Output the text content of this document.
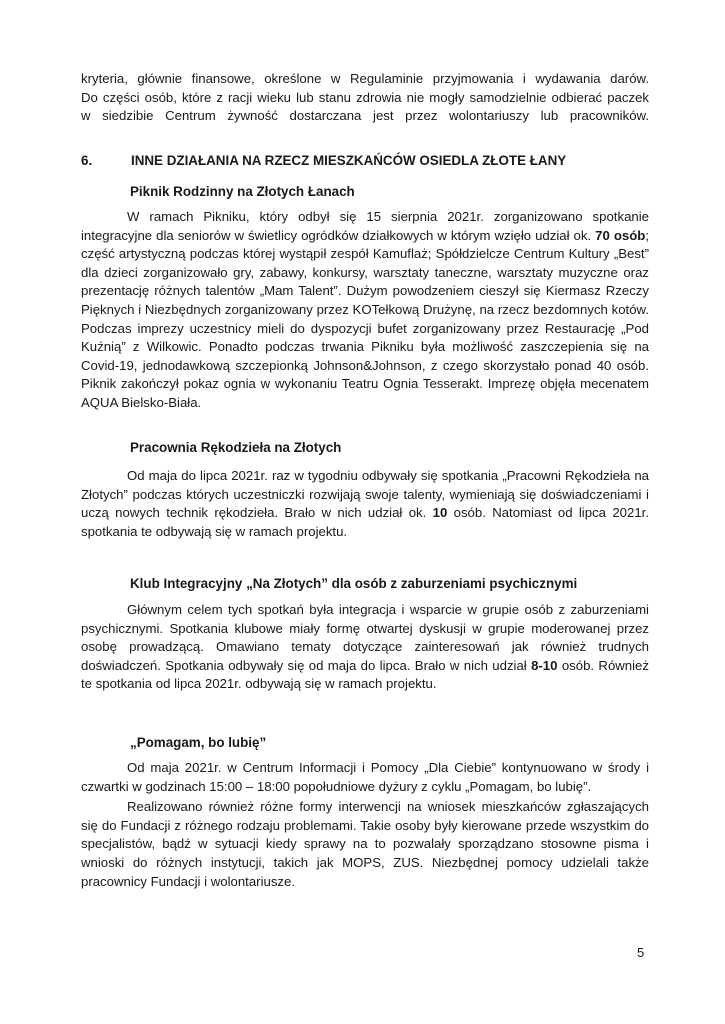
kryteria, głównie finansowe, określone w Regulaminie przyjmowania i wydawania darów.

Do części osób, które z racji wieku lub stanu zdrowia nie mogły samodzielnie odbierać paczek

w siedzibie Centrum żywność dostarczana jest przez wolontariuszy lub pracowników.

6.	INNE DZIAŁANIA NA RZECZ MIESZKAŃCÓW OSIEDLA ZŁOTE ŁANY
Piknik Rodzinny na Złotych Łanach

W ramach Pikniku, który odbył się 15 sierpnia 2021r. zorganizowano spotkanie integracyjne dla seniorów w świetlicy ogródków działkowych w którym wzięło udział ok. 70 osób; część artystyczną podczas której wystąpił zespół Kamuflaż; Spółdzielcze Centrum Kultury „Best” dla dzieci zorganizowało gry, zabawy, konkursy, warsztaty taneczne, warsztaty muzyczne oraz prezentację różnych talentów „Mam Talent”. Dużym powodzeniem cieszył się Kiermasz Rzeczy Pięknych i Niezbędnych zorganizowany przez KOTełkową Drużynę, na rzecz bezdomnych kotów. Podczas imprezy uczestnicy mieli do dyspozycji bufet zorganizowany przez Restaurację „Pod Kuźnią” z Wilkowic. Ponadto podczas trwania Pikniku była możliwość zaszczepienia się na Covid-19, jednodawkową szczepionką Johnson&Johnson, z czego skorzystało ponad 40 osób. Piknik zakończył pokaz ognia w wykonaniu Teatru Ognia Tesserakt. Imprezę objęła mecenatem AQUA Bielsko-Biała.

Pracownia Rękodzieła na Złotych

Od maja do lipca 2021r. raz w tygodniu odbywały się spotkania „Pracowni Rękodzieła na Złotych” podczas których uczestniczki rozwijają swoje talenty, wymieniają się doświadczeniami i uczą nowych technik rękodzieła. Brało w nich udział ok. 10 osób. Natomiast od lipca 2021r. spotkania te odbywają się w ramach projektu.

Klub Integracyjny „Na Złotych” dla osób z zaburzeniami psychicznymi

Głównym celem tych spotkań była integracja i wsparcie w grupie osób z zaburzeniami psychicznymi. Spotkania klubowe miały formę otwartej dyskusji w grupie moderowanej przez osobę prowadzącą. Omawiano tematy dotyczące zainteresowań jak również trudnych doświadczeń. Spotkania odbywały się od maja do lipca. Brało w nich udział 8-10 osób. Również te spotkania od lipca 2021r. odbywają się w ramach projektu.

„Pomagam, bo lubię”

Od maja 2021r. w Centrum Informacji i Pomocy „Dla Ciebie” kontynuowano w środy i czwartki w godzinach 15:00 – 18:00 popołudniowe dyżury z cyklu „Pomagam, bo lubię”.

Realizowano również różne formy interwencji na wniosek mieszkańców zgłaszających się do Fundacji z różnego rodzaju problemami. Takie osoby były kierowane przede wszystkim do specjalistów, bądź w sytuacji kiedy sprawy na to pozwalały sporządzano stosowne pisma i wnioski do różnych instytucji, takich jak MOPS, ZUS. Niezbędnej pomocy udzielali także pracownicy Fundacji i wolontariusze.

5
